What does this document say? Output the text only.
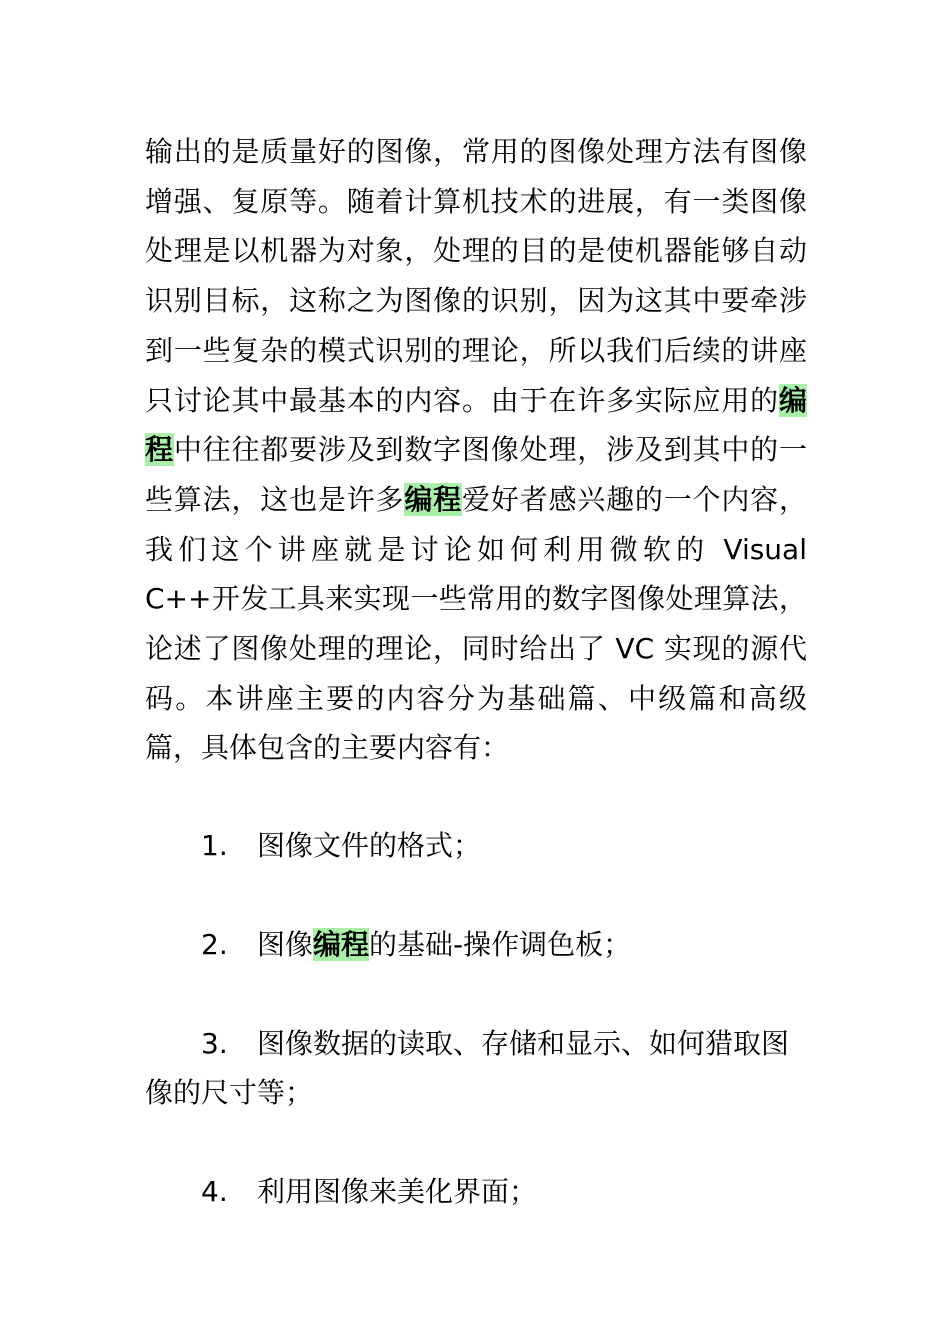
输出的是质量好的图像，常用的图像处理方法有图像增强、复原等。随着计算机技术的进展，有一类图像处理是以机器为对象，处理的目的是使机器能够自动识别目标，这称之为图像的识别，因为这其中要牵涉到一些复杂的模式识别的理论，所以我们后续的讲座只讨论其中最基本的内容。由于在许多实际应用的编程中往往都要涉及到数字图像处理，涉及到其中的一些算法，这也是许多编程爱好者感兴趣的一个内容，我们这个讲座就是讨论如何利用微软的 Visual C++开发工具来实现一些常用的数字图像处理算法，论述了图像处理的理论，同时给出了 VC 实现的源代码。本讲座主要的内容分为基础篇、中级篇和高级篇，具体包含的主要内容有：

1. 图像文件的格式；

2. 图像编程的基础-操作调色板；

3. 图像数据的读取、存储和显示、如何猎取图像的尺寸等；

4. 利用图像来美化界面；
